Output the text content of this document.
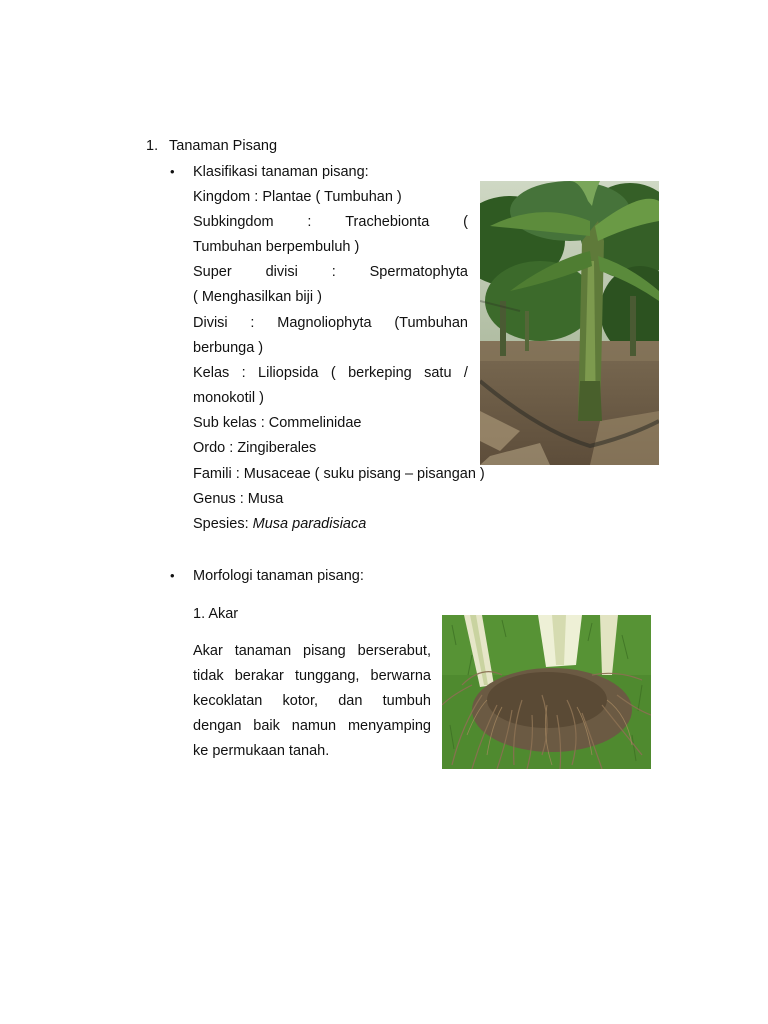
1. Tanaman Pisang
• Klasifikasi tanaman pisang:
Kingdom : Plantae ( Tumbuhan )
Subkingdom : Trachebionta (
Tumbuhan berpembuluh )
Super divisi : Spermatophyta
( Menghasilkan biji )
Divisi : Magnoliophyta (Tumbuhan
berbunga )
Kelas : Liliopsida ( berkeping satu /
monokotil )
Sub kelas : Commelinidae
Ordo : Zingiberales
Famili : Musaceae ( suku pisang – pisangan )
Genus : Musa
Spesies: Musa paradisiaca
• Morfologi tanaman pisang:
1. Akar
Akar tanaman pisang berserabut,
tidak berakar tunggang, berwarna
kecoklatan kotor, dan tumbuh
dengan baik namun menyamping
ke permukaan tanah.
